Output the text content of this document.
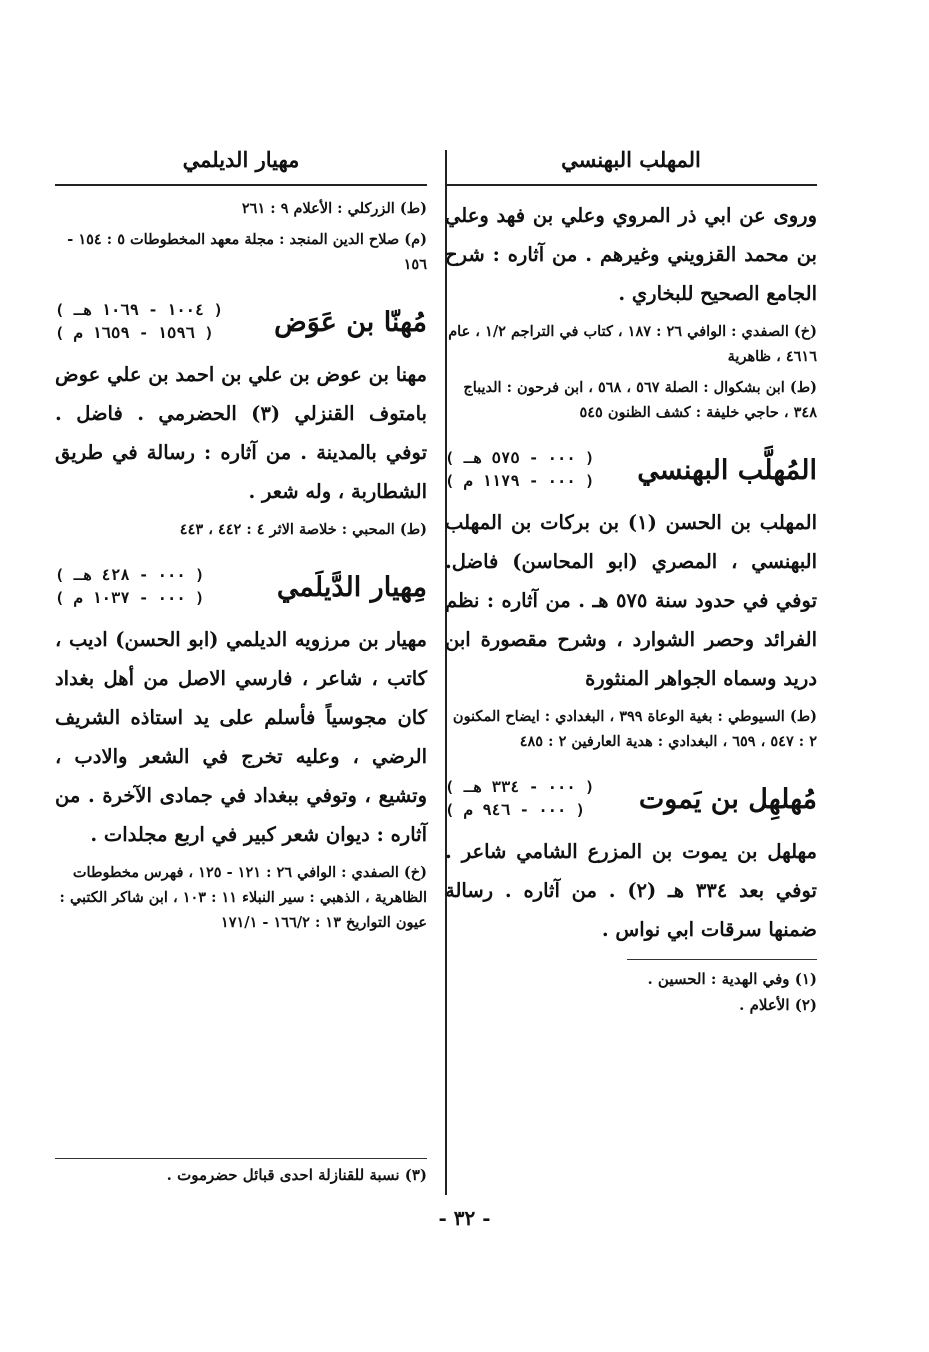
المهلب البهنسي

وروى عن ابي ذر المروي وعلي بن فهد وعلي بن محمد القزويني وغيرهم . من آثاره : شرح الجامع الصحيح للبخاري .

(خ) الصفدي : الوافي ٢٦ : ١٨٧ ، كتاب في التراجم ١/٢ ، عام ٤٦١٦ ، ظاهرية

(ط) ابن بشكوال : الصلة ٥٦٧ ، ٥٦٨ ، ابن فرحون : الديباج ٣٤٨ ، حاجي خليفة : كشف الظنون ٥٤٥

المُهلَّب البهنسي
( ٠٠٠ - ٥٧٥ هـ )
( ٠٠٠ - ١١٧٩ م )

المهلب بن الحسن (١) بن بركات بن المهلب البهنسي ، المصري (ابو المحاسن) فاضل. توفي في حدود سنة ٥٧٥ هـ . من آثاره : نظم الفرائد وحصر الشوارد ، وشرح مقصورة ابن دريد وسماه الجواهر المنثورة

(ط) السيوطي : بغية الوعاة ٣٩٩ ، البغدادي : ايضاح المكنون ٢ : ٥٤٧ ، ٦٥٩ ، البغدادي : هدية العارفين ٢ : ٤٨٥

مُهلهِل بن يَموت
( ٠٠٠ - ٣٣٤ هـ )
( ٠٠٠ - ٩٤٦ م )

مهلهل بن يموت بن المزرع الشامي شاعر . توفي بعد ٣٣٤ هـ (٢) . من آثاره . رسالة ضمنها سرقات ابي نواس .

(١) وفي الهدية : الحسين .
(٢) الأعلام .
مهيار الديلمي

(ط) الزركلي : الأعلام ٩ : ٢٦١

(م) صلاح الدين المنجد : مجلة معهد المخطوطات ٥ : ١٥٤ - ١٥٦

مُهنّا بن عَوَض
( ١٠٠٤ - ١٠٦٩ هـ )
( ١٥٩٦ - ١٦٥٩ م )

مهنا بن عوض بن علي بن احمد بن علي عوض بامتوف القنزلي (٣) الحضرمي . فاضل . توفي بالمدينة . من آثاره : رسالة في طريق الشطاربة ، وله شعر .

(ط) المحبي : خلاصة الاثر ٤ : ٤٤٢ ، ٤٤٣

مِهيار الدَّيلَمي
( ٠٠٠ - ٤٢٨ هـ )
( ٠٠٠ - ١٠٣٧ م )

مهيار بن مرزويه الديلمي (ابو الحسن) اديب ، كاتب ، شاعر ، فارسي الاصل من أهل بغداد كان مجوسياً فأسلم على يد استاذه الشريف الرضي ، وعليه تخرج في الشعر والادب ، وتشيع ، وتوفي ببغداد في جمادى الآخرة . من آثاره : ديوان شعر كبير في اربع مجلدات .

(خ) الصفدي : الوافي ٢٦ : ١٢١ - ١٢٥ ، فهرس مخطوطات الظاهرية ، الذهبي : سير النبلاء ١١ : ١٠٣ ، ابن شاكر الكتبي : عيون التواريخ ١٣ : ١٦٦/٢ - ١٧١/١

(٣) نسبة للقنازلة احدى قبائل حضرموت .
- ٣٢ -
